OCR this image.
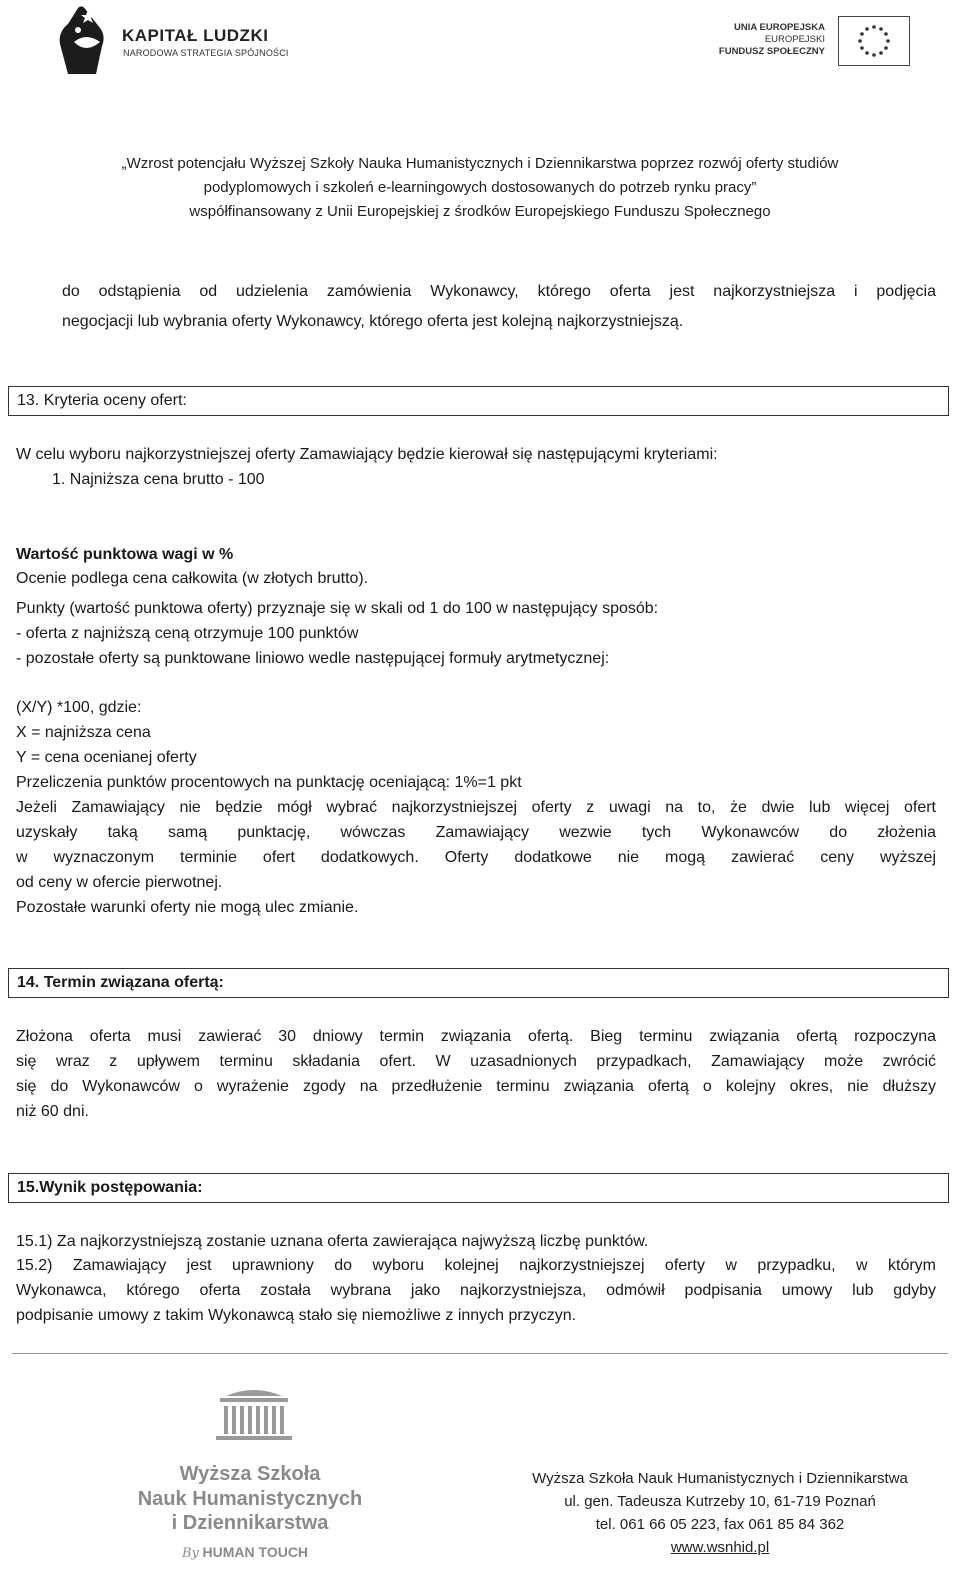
KAPITAŁ LUDZKI
NARODOWA STRATEGIA SPÓJNOŚCI
UNIA EUROPEJSKA
EUROPEJSKI
FUNDUSZ SPOŁECZNY
„Wzrost potencjału Wyższej Szkoły Nauka Humanistycznych i Dziennikarstwa poprzez rozwój oferty studiów
podyplomowych i szkoleń e-learningowych dostosowanych do potrzeb rynku pracy”
współfinansowany z Unii Europejskiej z środków Europejskiego Funduszu Społecznego
do odstąpienia od udzielenia zamówienia Wykonawcy, którego oferta jest najkorzystniejsza i podjęcia
negocjacji lub wybrania oferty Wykonawcy, którego oferta jest kolejną najkorzystniejszą.
13. Kryteria oceny ofert:
W celu wyboru najkorzystniejszej oferty Zamawiający będzie kierował się następującymi kryteriami:
1. Najniższa cena brutto - 100
Wartość punktowa wagi w %
Ocenie podlega cena całkowita (w złotych brutto).
Punkty (wartość punktowa oferty) przyznaje się w skali od 1 do 100 w następujący sposób:
- oferta z najniższą ceną otrzymuje 100 punktów
- pozostałe oferty są punktowane liniowo wedle następującej formuły arytmetycznej:
(X/Y) *100, gdzie:
X = najniższa cena
Y = cena ocenianej oferty
Przeliczenia punktów procentowych na punktację oceniającą: 1%=1 pkt
Jeżeli Zamawiający nie będzie mógł wybrać najkorzystniejszej oferty z uwagi na to, że dwie lub więcej ofert
uzyskały taką samą punktację, wówczas Zamawiający wezwie tych Wykonawców do złożenia
w wyznaczonym terminie ofert dodatkowych. Oferty dodatkowe nie mogą zawierać ceny wyższej
od ceny w ofercie pierwotnej.
Pozostałe warunki oferty nie mogą ulec zmianie.
14. Termin związana ofertą:
Złożona oferta musi zawierać 30 dniowy termin związania ofertą. Bieg terminu związania ofertą rozpoczyna
się wraz z upływem terminu składania ofert. W uzasadnionych przypadkach, Zamawiający może zwrócić
się do Wykonawców o wyrażenie zgody na przedłużenie terminu związania ofertą o kolejny okres, nie dłuższy
niż 60 dni.
15.Wynik postępowania:
15.1) Za najkorzystniejszą zostanie uznana oferta zawierająca najwyższą liczbę punktów.
15.2) Zamawiający jest uprawniony do wyboru kolejnej najkorzystniejszej oferty w przypadku, w którym
Wykonawca, którego oferta została wybrana jako najkorzystniejsza, odmówił podpisania umowy lub gdyby
podpisanie umowy z takim Wykonawcą stało się niemożliwe z innych przyczyn.
Wyższa Szkoła
Nauk Humanistycznych
i Dziennikarstwa
By HUMAN TOUCH
Wyższa Szkoła Nauk Humanistycznych i Dziennikarstwa
ul. gen. Tadeusza Kutrzeby 10, 61-719 Poznań
tel. 061 66 05 223, fax 061 85 84 362
www.wsnhid.pl
